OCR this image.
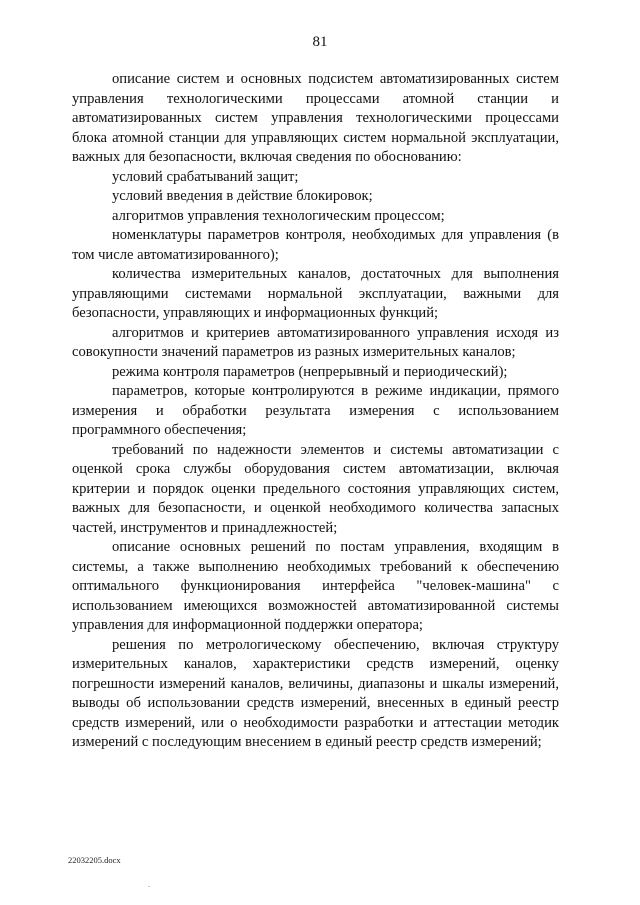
81

описание систем и основных подсистем автоматизированных систем управления технологическими процессами атомной станции и автоматизированных систем управления технологическими процессами блока атомной станции для управляющих систем нормальной эксплуатации, важных для безопасности, включая сведения по обоснованию:

условий срабатываний защит;

условий введения в действие блокировок;

алгоритмов управления технологическим процессом;

номенклатуры параметров контроля, необходимых для управления (в том числе автоматизированного);

количества измерительных каналов, достаточных для выполнения управляющими системами нормальной эксплуатации, важными для безопасности, управляющих и информационных функций;

алгоритмов и критериев автоматизированного управления исходя из совокупности значений параметров из разных измерительных каналов;

режима контроля параметров (непрерывный и периодический);

параметров, которые контролируются в режиме индикации, прямого измерения и обработки результата измерения с использованием программного обеспечения;

требований по надежности элементов и системы автоматизации с оценкой срока службы оборудования систем автоматизации, включая критерии и порядок оценки предельного состояния управляющих систем, важных для безопасности, и оценкой необходимого количества запасных частей, инструментов и принадлежностей;

описание основных решений по постам управления, входящим в системы, а также выполнению необходимых требований к обеспечению оптимального функционирования интерфейса "человек-машина" с использованием имеющихся возможностей автоматизированной системы управления для информационной поддержки оператора;

решения по метрологическому обеспечению, включая структуру измерительных каналов, характеристики средств измерений, оценку погрешности измерений каналов, величины, диапазоны и шкалы измерений, выводы об использовании средств измерений, внесенных в единый реестр средств измерений, или о необходимости разработки и аттестации методик измерений с последующим внесением в единый реестр средств измерений;

22032205.docx
